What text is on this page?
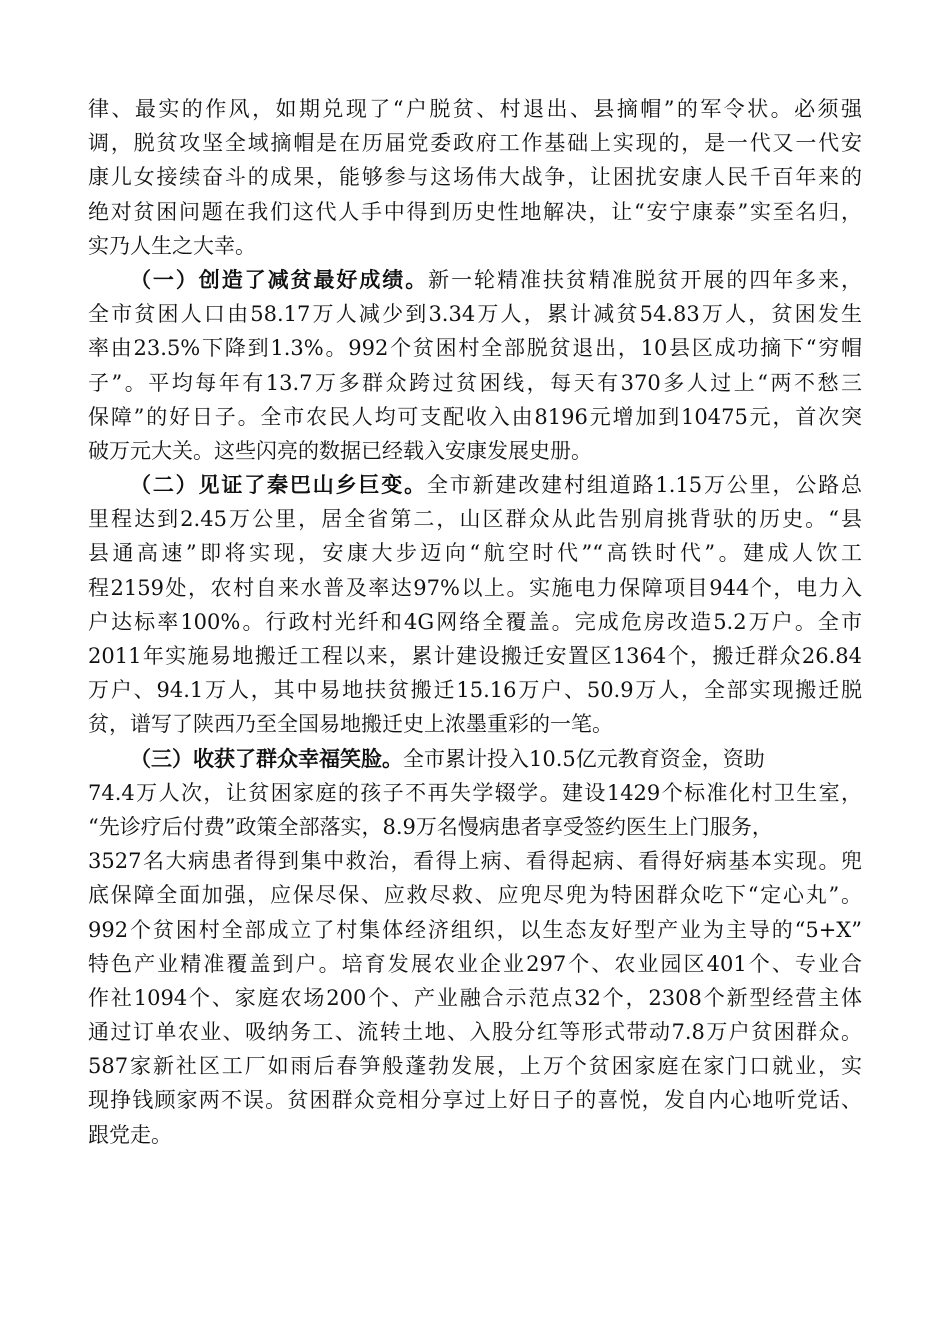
律、最实的作风，如期兑现了“户脱贫、村退出、县摘帽”的军令状。必须强
调，脱贫攻坚全域摘帽是在历届党委政府工作基础上实现的，是一代又一代安
康儿女接续奋斗的成果，能够参与这场伟大战争，让困扰安康人民千百年来的
绝对贫困问题在我们这代人手中得到历史性地解决，让“安宁康泰”实至名归，
实乃人生之大幸。
（一）创造了减贫最好成绩。新一轮精准扶贫精准脱贫开展的四年多来，
全市贫困人口由58.17万人减少到3.34万人，累计减贫54.83万人，贫困发生
率由23.5%下降到1.3%。992个贫困村全部脱贫退出，10县区成功摘下“穷帽
子”。平均每年有13.7万多群众跨过贫困线，每天有370多人过上“两不愁三
保障”的好日子。全市农民人均可支配收入由8196元增加到10475元，首次突
破万元大关。这些闪亮的数据已经载入安康发展史册。
（二）见证了秦巴山乡巨变。全市新建改建村组道路1.15万公里，公路总
里程达到2.45万公里，居全省第二，山区群众从此告别肩挑背驮的历史。“县
县通高速”即将实现，安康大步迈向“航空时代”“高铁时代”。建成人饮工
程2159处，农村自来水普及率达97%以上。实施电力保障项目944个，电力入
户达标率100%。行政村光纤和4G网络全覆盖。完成危房改造5.2万户。全市
2011年实施易地搬迁工程以来，累计建设搬迁安置区1364个，搬迁群众26.84
万户、94.1万人，其中易地扶贫搬迁15.16万户、50.9万人，全部实现搬迁脱
贫，谱写了陕西乃至全国易地搬迁史上浓墨重彩的一笔。
（三）收获了群众幸福笑脸。全市累计投入10.5亿元教育资金，资助
74.4万人次，让贫困家庭的孩子不再失学辍学。建设1429个标准化村卫生室，
“先诊疗后付费”政策全部落实，8.9万名慢病患者享受签约医生上门服务，
3527名大病患者得到集中救治，看得上病、看得起病、看得好病基本实现。兜
底保障全面加强，应保尽保、应救尽救、应兜尽兜为特困群众吃下“定心丸”。
992个贫困村全部成立了村集体经济组织，以生态友好型产业为主导的“5+X”
特色产业精准覆盖到户。培育发展农业企业297个、农业园区401个、专业合
作社1094个、家庭农场200个、产业融合示范点32个，2308个新型经营主体
通过订单农业、吸纳务工、流转土地、入股分红等形式带动7.8万户贫困群众。
587家新社区工厂如雨后春笋般蓬勃发展，上万个贫困家庭在家门口就业，实
现挣钱顾家两不误。贫困群众竞相分享过上好日子的喜悦，发自内心地听党话、
跟党走。
